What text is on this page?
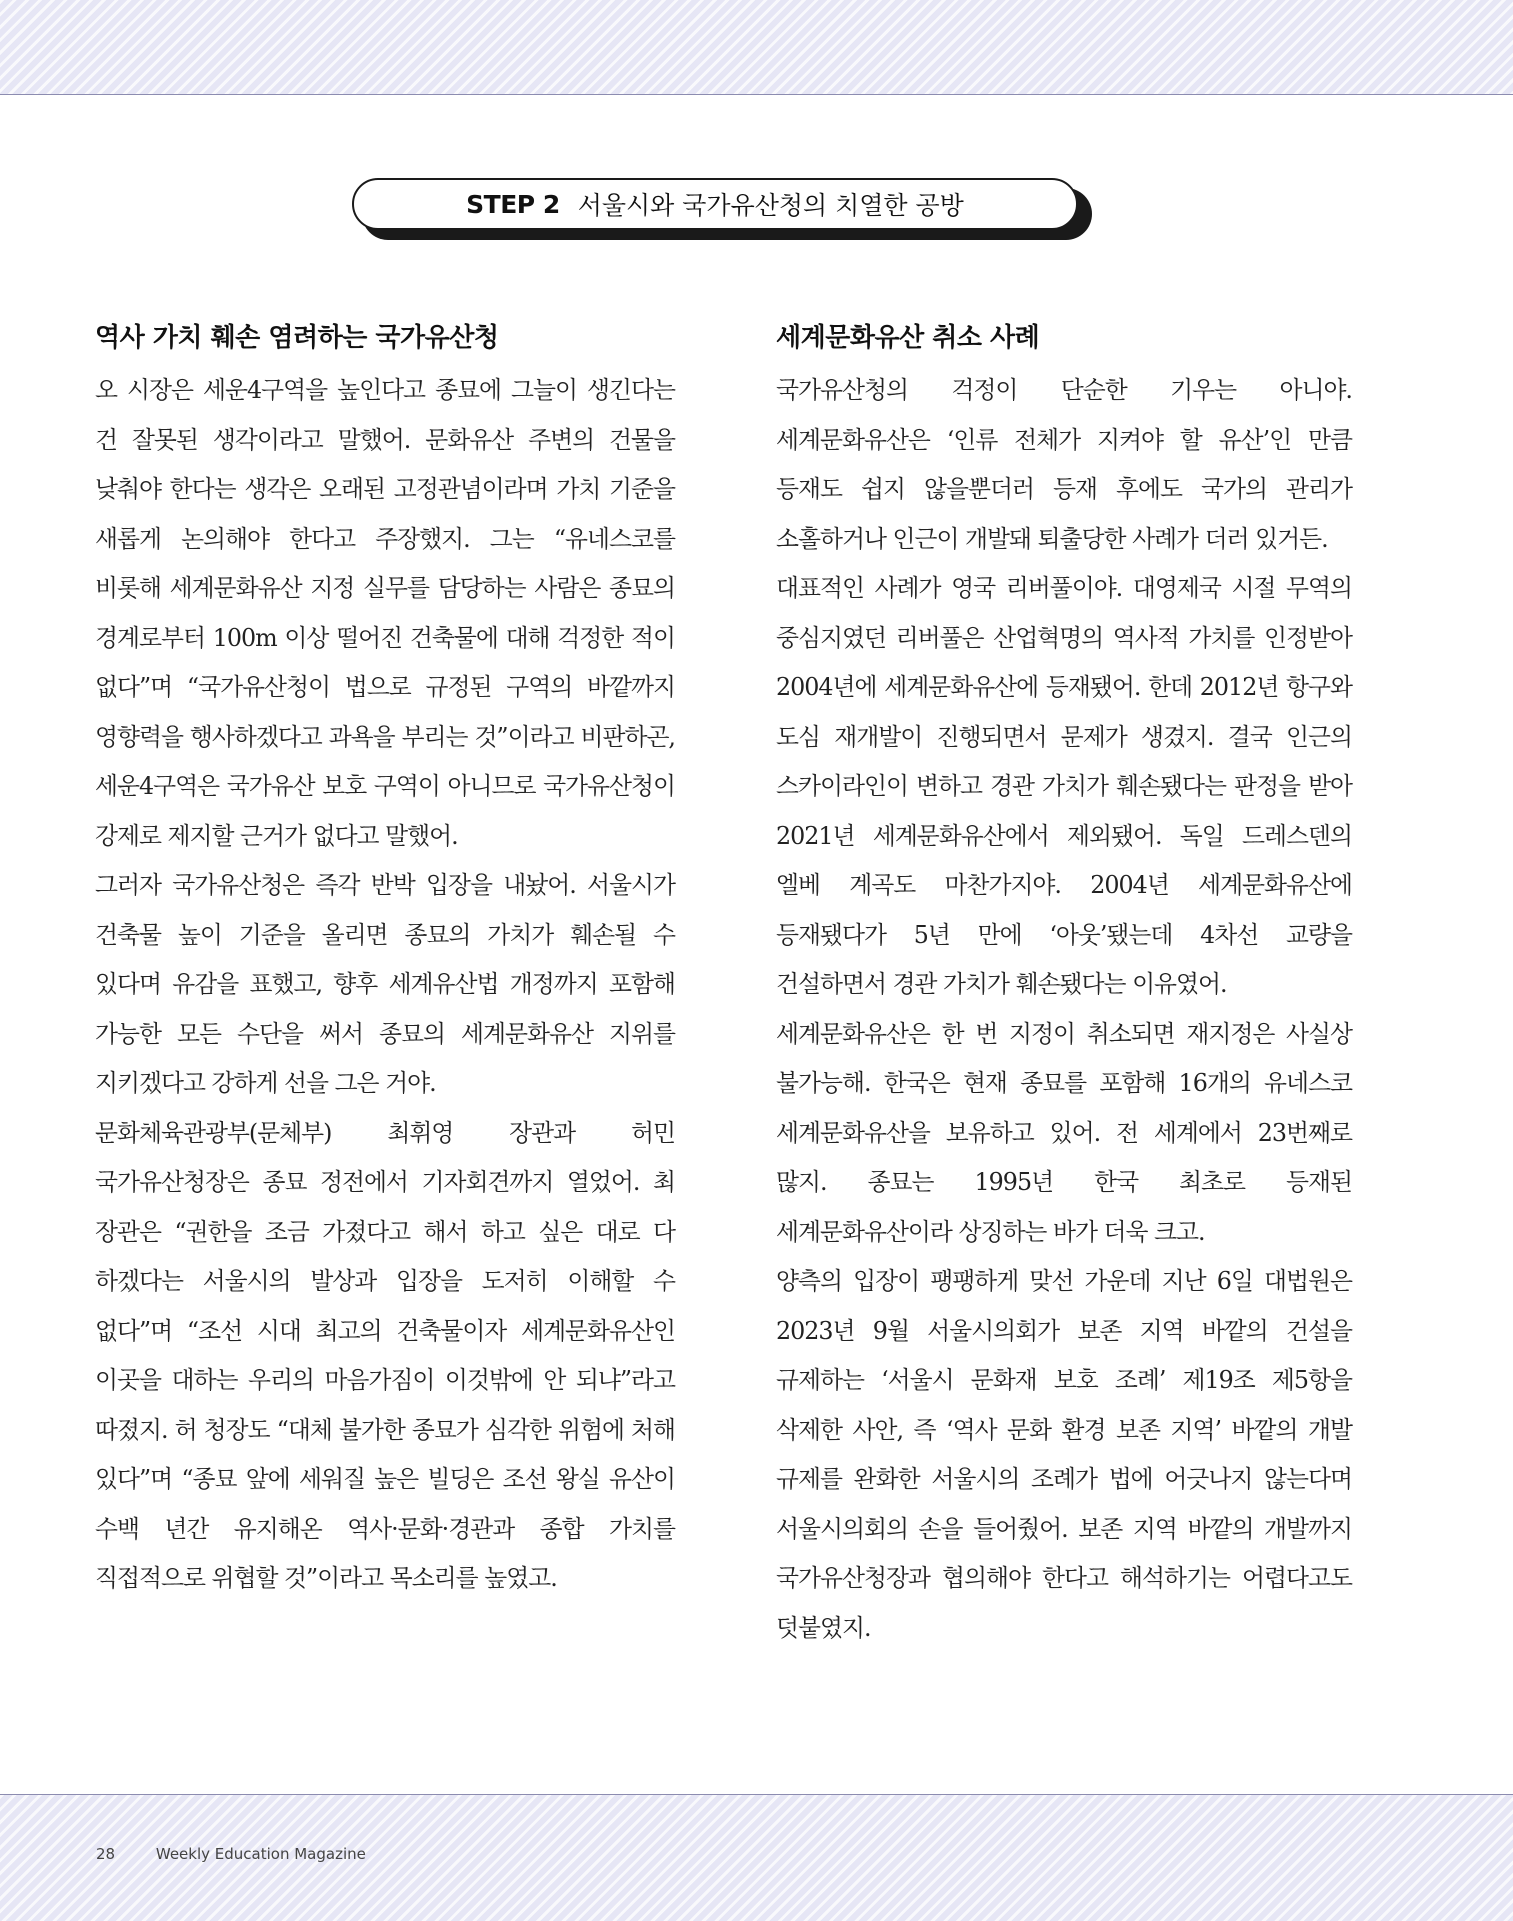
STEP 2 서울시와 국가유산청의 치열한 공방
역사 가치 훼손 염려하는 국가유산청

오 시장은 세운4구역을 높인다고 종묘에 그늘이 생긴다는 건 잘못된 생각이라고 말했어. 문화유산 주변의 건물을 낮춰야 한다는 생각은 오래된 고정관념이라며 가치 기준을 새롭게 논의해야 한다고 주장했지. 그는 “유네스코를 비롯해 세계문화유산 지정 실무를 담당하는 사람은 종묘의 경계로부터 100m 이상 떨어진 건축물에 대해 걱정한 적이 없다”며 “국가유산청이 법으로 규정된 구역의 바깥까지 영향력을 행사하겠다고 과욕을 부리는 것”이라고 비판하곤, 세운4구역은 국가유산 보호 구역이 아니므로 국가유산청이 강제로 제지할 근거가 없다고 말했어.

그러자 국가유산청은 즉각 반박 입장을 내놨어. 서울시가 건축물 높이 기준을 올리면 종묘의 가치가 훼손될 수 있다며 유감을 표했고, 향후 세계유산법 개정까지 포함해 가능한 모든 수단을 써서 종묘의 세계문화유산 지위를 지키겠다고 강하게 선을 그은 거야.

문화체육관광부(문체부) 최휘영 장관과 허민 국가유산청장은 종묘 정전에서 기자회견까지 열었어. 최 장관은 “권한을 조금 가졌다고 해서 하고 싶은 대로 다 하겠다는 서울시의 발상과 입장을 도저히 이해할 수 없다”며 “조선 시대 최고의 건축물이자 세계문화유산인 이곳을 대하는 우리의 마음가짐이 이것밖에 안 되냐”라고 따졌지. 허 청장도 “대체 불가한 종묘가 심각한 위험에 처해 있다”며 “종묘 앞에 세워질 높은 빌딩은 조선 왕실 유산이 수백 년간 유지해온 역사·문화·경관과 종합 가치를 직접적으로 위협할 것”이라고 목소리를 높였고.

세계문화유산 취소 사례

국가유산청의 걱정이 단순한 기우는 아니야. 세계문화유산은 ‘인류 전체가 지켜야 할 유산’인 만큼 등재도 쉽지 않을뿐더러 등재 후에도 국가의 관리가 소홀하거나 인근이 개발돼 퇴출당한 사례가 더러 있거든.

대표적인 사례가 영국 리버풀이야. 대영제국 시절 무역의 중심지였던 리버풀은 산업혁명의 역사적 가치를 인정받아 2004년에 세계문화유산에 등재됐어. 한데 2012년 항구와 도심 재개발이 진행되면서 문제가 생겼지. 결국 인근의 스카이라인이 변하고 경관 가치가 훼손됐다는 판정을 받아 2021년 세계문화유산에서 제외됐어. 독일 드레스덴의 엘베 계곡도 마찬가지야. 2004년 세계문화유산에 등재됐다가 5년 만에 ‘아웃’됐는데 4차선 교량을 건설하면서 경관 가치가 훼손됐다는 이유였어.

세계문화유산은 한 번 지정이 취소되면 재지정은 사실상 불가능해. 한국은 현재 종묘를 포함해 16개의 유네스코 세계문화유산을 보유하고 있어. 전 세계에서 23번째로 많지. 종묘는 1995년 한국 최초로 등재된 세계문화유산이라 상징하는 바가 더욱 크고.

양측의 입장이 팽팽하게 맞선 가운데 지난 6일 대법원은 2023년 9월 서울시의회가 보존 지역 바깥의 건설을 규제하는 ‘서울시 문화재 보호 조례’ 제19조 제5항을 삭제한 사안, 즉 ‘역사 문화 환경 보존 지역’ 바깥의 개발 규제를 완화한 서울시의 조례가 법에 어긋나지 않는다며 서울시의회의 손을 들어줬어. 보존 지역 바깥의 개발까지 국가유산청장과 협의해야 한다고 해석하기는 어렵다고도 덧붙였지.

28	Weekly Education Magazine
